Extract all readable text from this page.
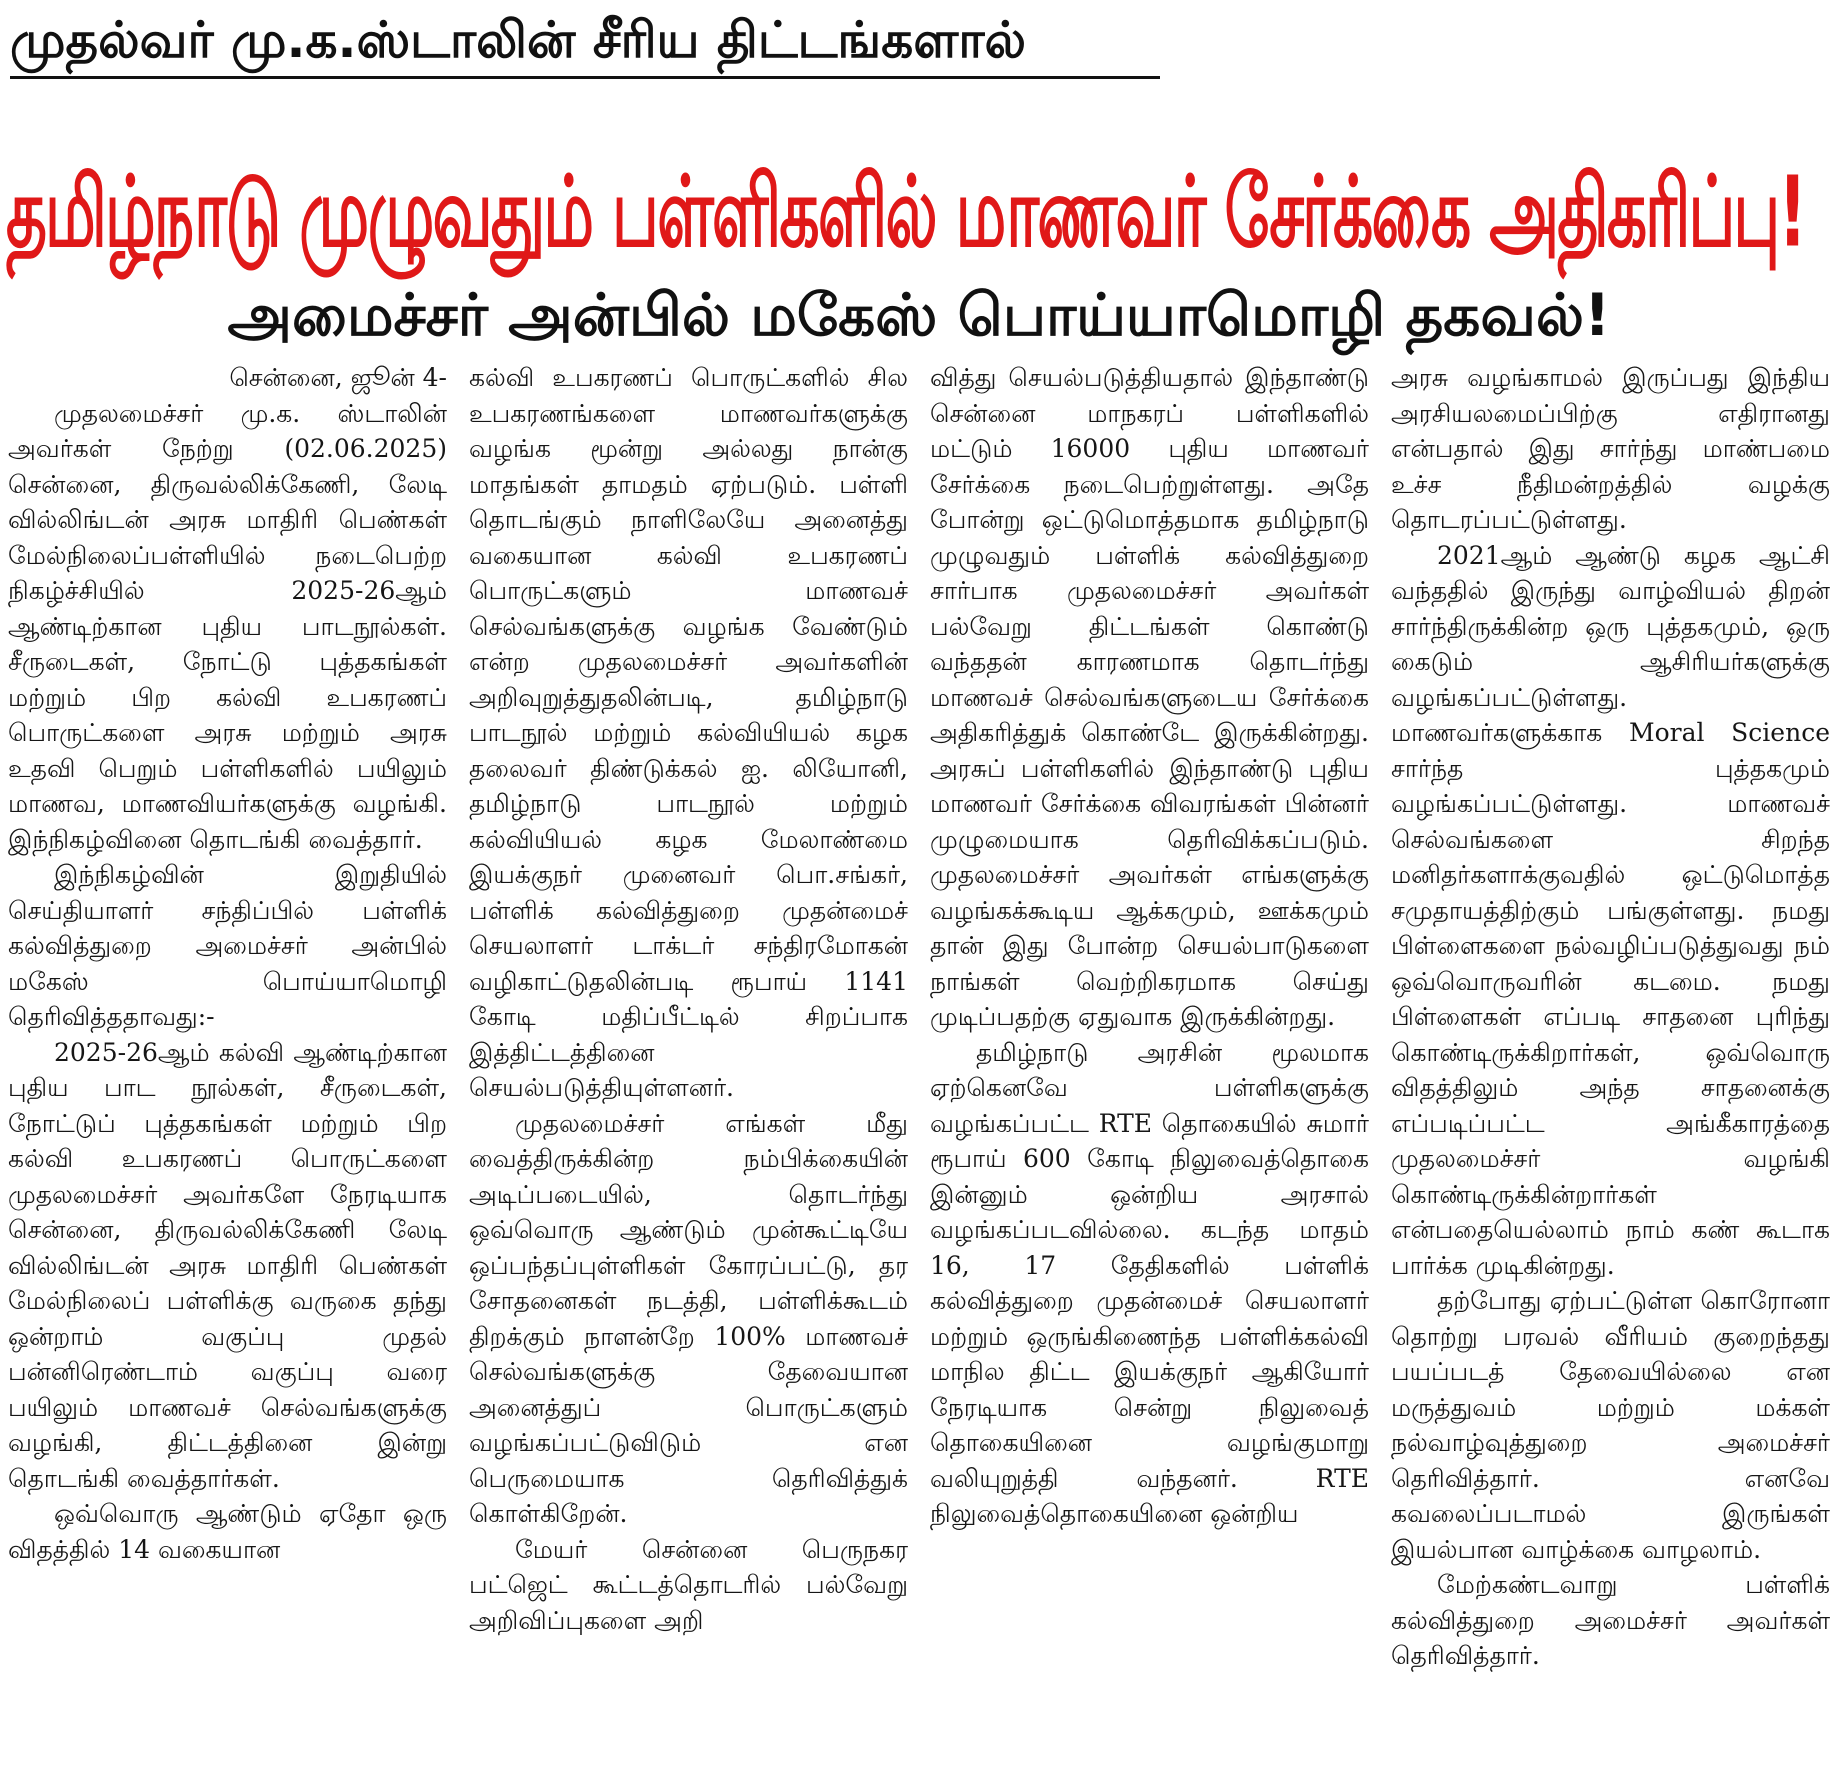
முதல்வர் மு.க.ஸ்டாலின் சீரிய திட்டங்களால்
தமிழ்நாடு முழுவதும் பள்ளிகளில் மாணவர் சேர்க்கை அதிகரிப்பு!
அமைச்சர் அன்பில் மகேஸ் பொய்யாமொழி தகவல்!

சென்னை, ஜூன் 4-

முதலமைச்சர் மு.க. ஸ்டாலின் அவர்கள் நேற்று (02.06.2025) சென்னை, திருவல்லிக்கேணி, லேடி வில்லிங்டன் அரசு மாதிரி பெண்கள் மேல்நிலைப்பள்ளியில் நடைபெற்ற நிகழ்ச்சியில் 2025-26ஆம் ஆண்டிற்கான புதிய பாடநூல்கள். சீருடைகள், நோட்டு புத்தகங்கள் மற்றும் பிற கல்வி உபகரணப் பொருட்களை அரசு மற்றும் அரசு உதவி பெறும் பள்ளிகளில் பயிலும் மாணவ, மாணவியர்களுக்கு வழங்கி. இந்நிகழ்வினை தொடங்கி வைத்தார்.

இந்நிகழ்வின் இறுதியில் செய்தியாளர் சந்திப்பில் பள்ளிக் கல்வித்துறை அமைச்சர் அன்பில் மகேஸ் பொய்யாமொழி தெரிவித்ததாவது:-

2025-26ஆம் கல்வி ஆண்டிற்கான புதிய பாட நூல்கள், சீருடைகள், நோட்டுப் புத்தகங்கள் மற்றும் பிற கல்வி உபகரணப் பொருட்களை முதலமைச்சர் அவர்களே நேரடியாக சென்னை, திருவல்லிக்கேணி லேடி வில்லிங்டன் அரசு மாதிரி பெண்கள் மேல்நிலைப் பள்ளிக்கு வருகை தந்து ஒன்றாம் வகுப்பு முதல் பன்னிரெண்டாம் வகுப்பு வரை பயிலும் மாணவச் செல்வங்களுக்கு வழங்கி, திட்டத்தினை இன்று தொடங்கி வைத்தார்கள்.

ஒவ்வொரு ஆண்டும் ஏதோ ஒரு விதத்தில் 14 வகையான

கல்வி உபகரணப் பொருட்களில் சில உபகரணங்களை மாணவர்களுக்கு வழங்க மூன்று அல்லது நான்கு மாதங்கள் தாமதம் ஏற்படும். பள்ளி தொடங்கும் நாளிலேயே அனைத்து வகையான கல்வி உபகரணப் பொருட்களும் மாணவச் செல்வங்களுக்கு வழங்க வேண்டும் என்ற முதலமைச்சர் அவர்களின் அறிவுறுத்துதலின்படி, தமிழ்நாடு பாடநூல் மற்றும் கல்வியியல் கழக தலைவர் திண்டுக்கல் ஐ. லியோனி, தமிழ்நாடு பாடநூல் மற்றும் கல்வியியல் கழக மேலாண்மை இயக்குநர் முனைவர் பொ.சங்கர், பள்ளிக் கல்வித்துறை முதன்மைச் செயலாளர் டாக்டர் சந்திரமோகன் வழிகாட்டுதலின்படி ரூபாய் 1141 கோடி மதிப்பீட்டில் சிறப்பாக இத்திட்டத்தினை செயல்படுத்தியுள்ளனர்.

முதலமைச்சர் எங்கள் மீது வைத்திருக்கின்ற நம்பிக்கையின் அடிப்படையில், தொடர்ந்து ஒவ்வொரு ஆண்டும் முன்கூட்டியே ஒப்பந்தப்புள்ளிகள் கோரப்பட்டு, தர சோதனைகள் நடத்தி, பள்ளிக்கூடம் திறக்கும் நாளன்றே 100% மாணவச் செல்வங்களுக்கு தேவையான அனைத்துப் பொருட்களும் வழங்கப்பட்டுவிடும் என பெருமையாக தெரிவித்துக் கொள்கிறேன்.

மேயர் சென்னை பெருநகர பட்ஜெட் கூட்டத்தொடரில் பல்வேறு அறிவிப்புகளை அறி

வித்து செயல்படுத்தியதால் இந்தாண்டு சென்னை மாநகரப் பள்ளிகளில் மட்டும் 16000 புதிய மாணவர் சேர்க்கை நடைபெற்றுள்ளது. அதே போன்று ஒட்டுமொத்தமாக தமிழ்நாடு முழுவதும் பள்ளிக் கல்வித்துறை சார்பாக முதலமைச்சர் அவர்கள் பல்வேறு திட்டங்கள் கொண்டு வந்ததன் காரணமாக தொடர்ந்து மாணவச் செல்வங்களுடைய சேர்க்கை அதிகரித்துக் கொண்டே இருக்கின்றது. அரசுப் பள்ளிகளில் இந்தாண்டு புதிய மாணவர் சேர்க்கை விவரங்கள் பின்னர் முழுமையாக தெரிவிக்கப்படும். முதலமைச்சர் அவர்கள் எங்களுக்கு வழங்கக்கூடிய ஆக்கமும், ஊக்கமும் தான் இது போன்ற செயல்பாடுகளை நாங்கள் வெற்றிகரமாக செய்து முடிப்பதற்கு ஏதுவாக இருக்கின்றது.

தமிழ்நாடு அரசின் மூலமாக ஏற்கெனவே பள்ளிகளுக்கு வழங்கப்பட்ட RTE தொகையில் சுமார் ரூபாய் 600 கோடி நிலுவைத்தொகை இன்னும் ஒன்றிய அரசால் வழங்கப்படவில்லை. கடந்த மாதம் 16, 17 தேதிகளில் பள்ளிக் கல்வித்துறை முதன்மைச் செயலாளர் மற்றும் ஒருங்கிணைந்த பள்ளிக்கல்வி மாநில திட்ட இயக்குநர் ஆகியோர் நேரடியாக சென்று நிலுவைத் தொகையினை வழங்குமாறு வலியுறுத்தி வந்தனர். RTE நிலுவைத்தொகையினை ஒன்றிய

அரசு வழங்காமல் இருப்பது இந்திய அரசியலமைப்பிற்கு எதிரானது என்பதால் இது சார்ந்து மாண்பமை உச்ச நீதிமன்றத்தில் வழக்கு தொடரப்பட்டுள்ளது.

2021ஆம் ஆண்டு கழக ஆட்சி வந்ததில் இருந்து வாழ்வியல் திறன் சார்ந்திருக்கின்ற ஒரு புத்தகமும், ஒரு கைடும் ஆசிரியர்களுக்கு வழங்கப்பட்டுள்ளது. மாணவர்களுக்காக Moral Science சார்ந்த புத்தகமும் வழங்கப்பட்டுள்ளது. மாணவச் செல்வங்களை சிறந்த மனிதர்களாக்குவதில் ஒட்டுமொத்த சமுதாயத்திற்கும் பங்குள்ளது. நமது பிள்ளைகளை நல்வழிப்படுத்துவது நம் ஒவ்வொருவரின் கடமை. நமது பிள்ளைகள் எப்படி சாதனை புரிந்து கொண்டிருக்கிறார்கள், ஒவ்வொரு விதத்திலும் அந்த சாதனைக்கு எப்படிப்பட்ட அங்கீகாரத்தை முதலமைச்சர் வழங்கி கொண்டிருக்கின்றார்கள் என்பதையெல்லாம் நாம் கண் கூடாக பார்க்க முடிகின்றது.

தற்போது ஏற்பட்டுள்ள கொரோனா தொற்று பரவல் வீரியம் குறைந்தது பயப்படத் தேவையில்லை என மருத்துவம் மற்றும் மக்கள் நல்வாழ்வுத்துறை அமைச்சர் தெரிவித்தார். எனவே கவலைப்படாமல் இருங்கள் இயல்பான வாழ்க்கை வாழலாம்.

மேற்கண்டவாறு பள்ளிக் கல்வித்துறை அமைச்சர் அவர்கள் தெரிவித்தார்.
